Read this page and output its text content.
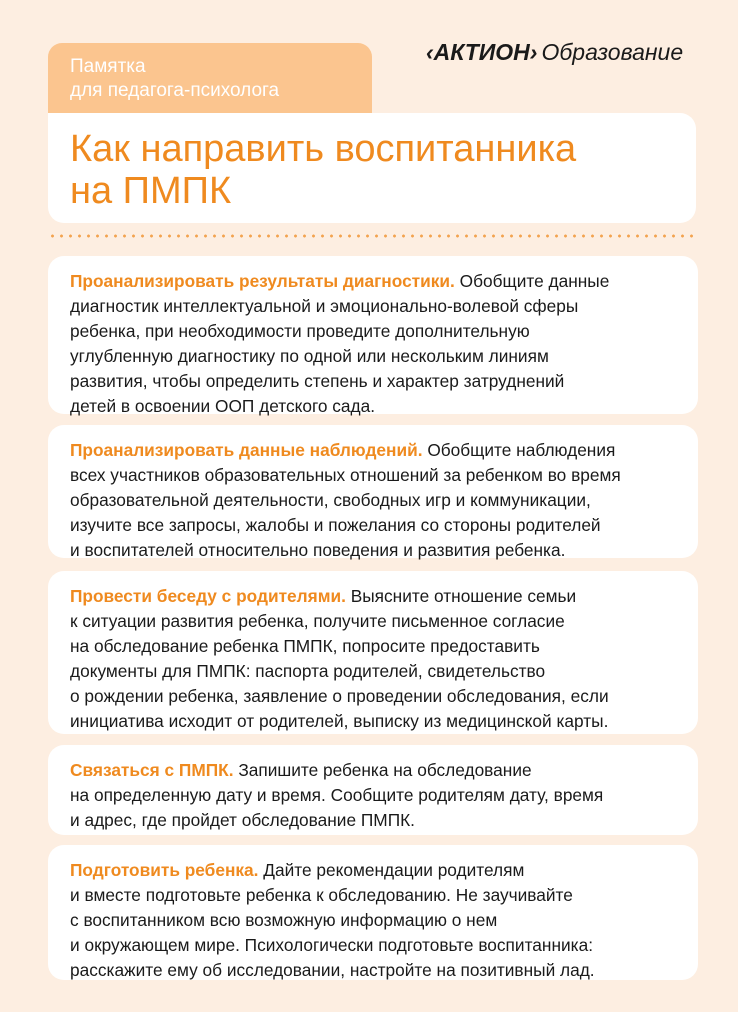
Памятка
для педагога-психолога
‹АКТИОН› Образование
Как направить воспитанника
на ПМПК
Проанализировать результаты диагностики. Обобщите данные
диагностик интеллектуальной и эмоционально-волевой сферы
ребенка, при необходимости проведите дополнительную
углубленную диагностику по одной или нескольким линиям
развития, чтобы определить степень и характер затруднений
детей в освоении ООП детского сада.
Проанализировать данные наблюдений. Обобщите наблюдения
всех участников образовательных отношений за ребенком во время
образовательной деятельности, свободных игр и коммуникации,
изучите все запросы, жалобы и пожелания со стороны родителей
и воспитателей относительно поведения и развития ребенка.
Провести беседу с родителями. Выясните отношение семьи
к ситуации развития ребенка, получите письменное согласие
на обследование ребенка ПМПК, попросите предоставить
документы для ПМПК: паспорта родителей, свидетельство
о рождении ребенка, заявление о проведении обследования, если
инициатива исходит от родителей, выписку из медицинской карты.
Связаться с ПМПК. Запишите ребенка на обследование
на определенную дату и время. Сообщите родителям дату, время
и адрес, где пройдет обследование ПМПК.
Подготовить ребенка. Дайте рекомендации родителям
и вместе подготовьте ребенка к обследованию. Не заучивайте
с воспитанником всю возможную информацию о нем
и окружающем мире. Психологически подготовьте воспитанника:
расскажите ему об исследовании, настройте на позитивный лад.
